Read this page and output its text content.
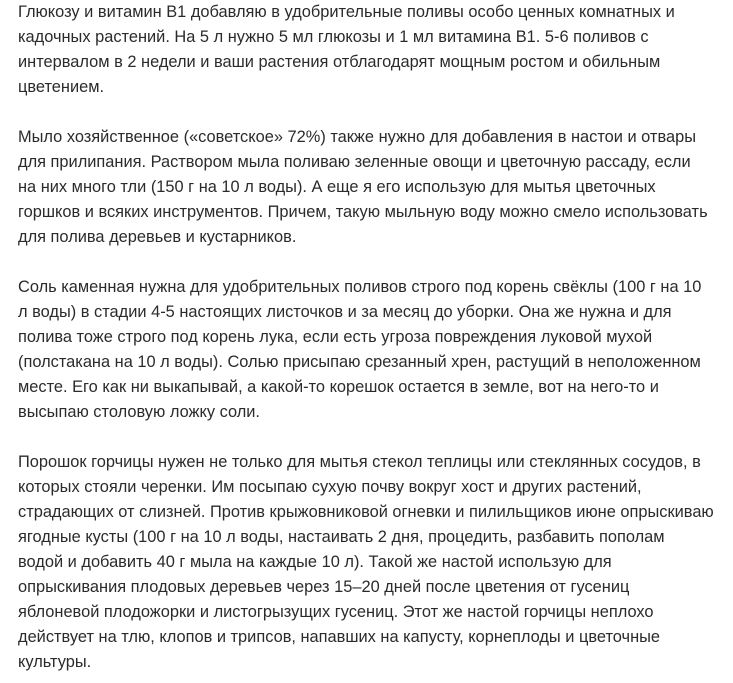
Глюкозу и витамин В1 добавляю в удобрительные поливы особо ценных комнатных и
кадочных растений. На 5 л нужно 5 мл глюкозы и 1 мл витамина В1. 5-6 поливов с
интервалом в 2 недели и ваши растения отблагодарят мощным ростом и обильным
цветением.

Мыло хозяйственное («советское» 72%) также нужно для добавления в настои и отвары
для прилипания. Раствором мыла поливаю зеленные овощи и цветочную рассаду, если
на них много тли (150 г на 10 л воды). А еще я его использую для мытья цветочных
горшков и всяких инструментов. Причем, такую мыльную воду можно смело использовать
для полива деревьев и кустарников.

Соль каменная нужна для удобрительных поливов строго под корень свёклы (100 г на 10
л воды) в стадии 4-5 настоящих листочков и за месяц до уборки. Она же нужна и для
полива тоже строго под корень лука, если есть угроза повреждения луковой мухой
(полстакана на 10 л воды). Солью присыпаю срезанный хрен, растущий в неположенном
месте. Его как ни выкапывай, а какой-то корешок остается в земле, вот на него-то и
высыпаю столовую ложку соли.

Порошок горчицы нужен не только для мытья стекол теплицы или стеклянных сосудов, в
которых стояли черенки. Им посыпаю сухую почву вокруг хост и других растений,
страдающих от слизней. Против крыжовниковой огневки и пилильщиков июне опрыскиваю
ягодные кусты (100 г на 10 л воды, настаивать 2 дня, процедить, разбавить пополам
водой и добавить 40 г мыла на каждые 10 л). Такой же настой использую для
опрыскивания плодовых деревьев через 15–20 дней после цветения от гусениц
яблоневой плодожорки и листогрызущих гусениц. Этот же настой горчицы неплохо
действует на тлю, клопов и трипсов, напавших на капусту, корнеплоды и цветочные
культуры.
